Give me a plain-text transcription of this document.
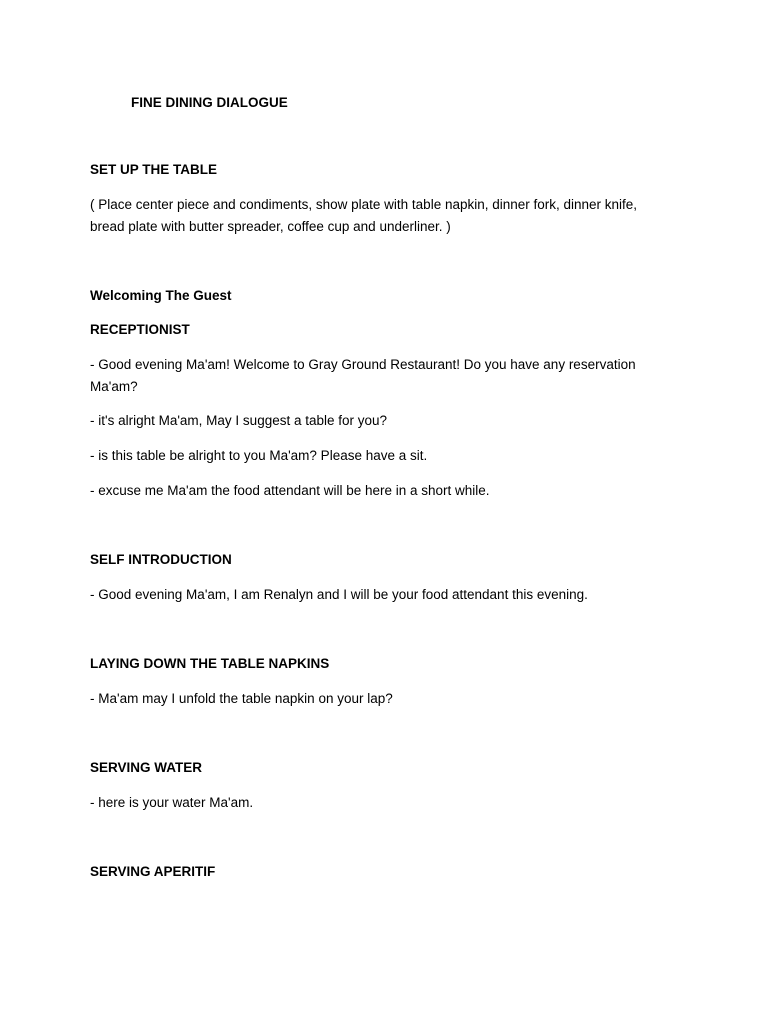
FINE DINING DIALOGUE

SET UP THE TABLE

( Place center piece and condiments, show plate with table napkin, dinner fork, dinner knife,

bread plate with butter spreader, coffee cup and underliner. )

Welcoming The Guest

RECEPTIONIST

- Good evening Ma'am! Welcome to Gray Ground Restaurant! Do you have any reservation

Ma'am?

- it's alright Ma'am, May I suggest a table for you?

- is this table be alright to you Ma'am? Please have a sit.

- excuse me Ma'am the food attendant will be here in a short while.

SELF INTRODUCTION

- Good evening Ma'am, I am Renalyn and I will be your food attendant this evening.

LAYING DOWN THE TABLE NAPKINS

- Ma'am may I unfold the table napkin on your lap?

SERVING WATER

- here is your water Ma'am.

SERVING APERITIF
